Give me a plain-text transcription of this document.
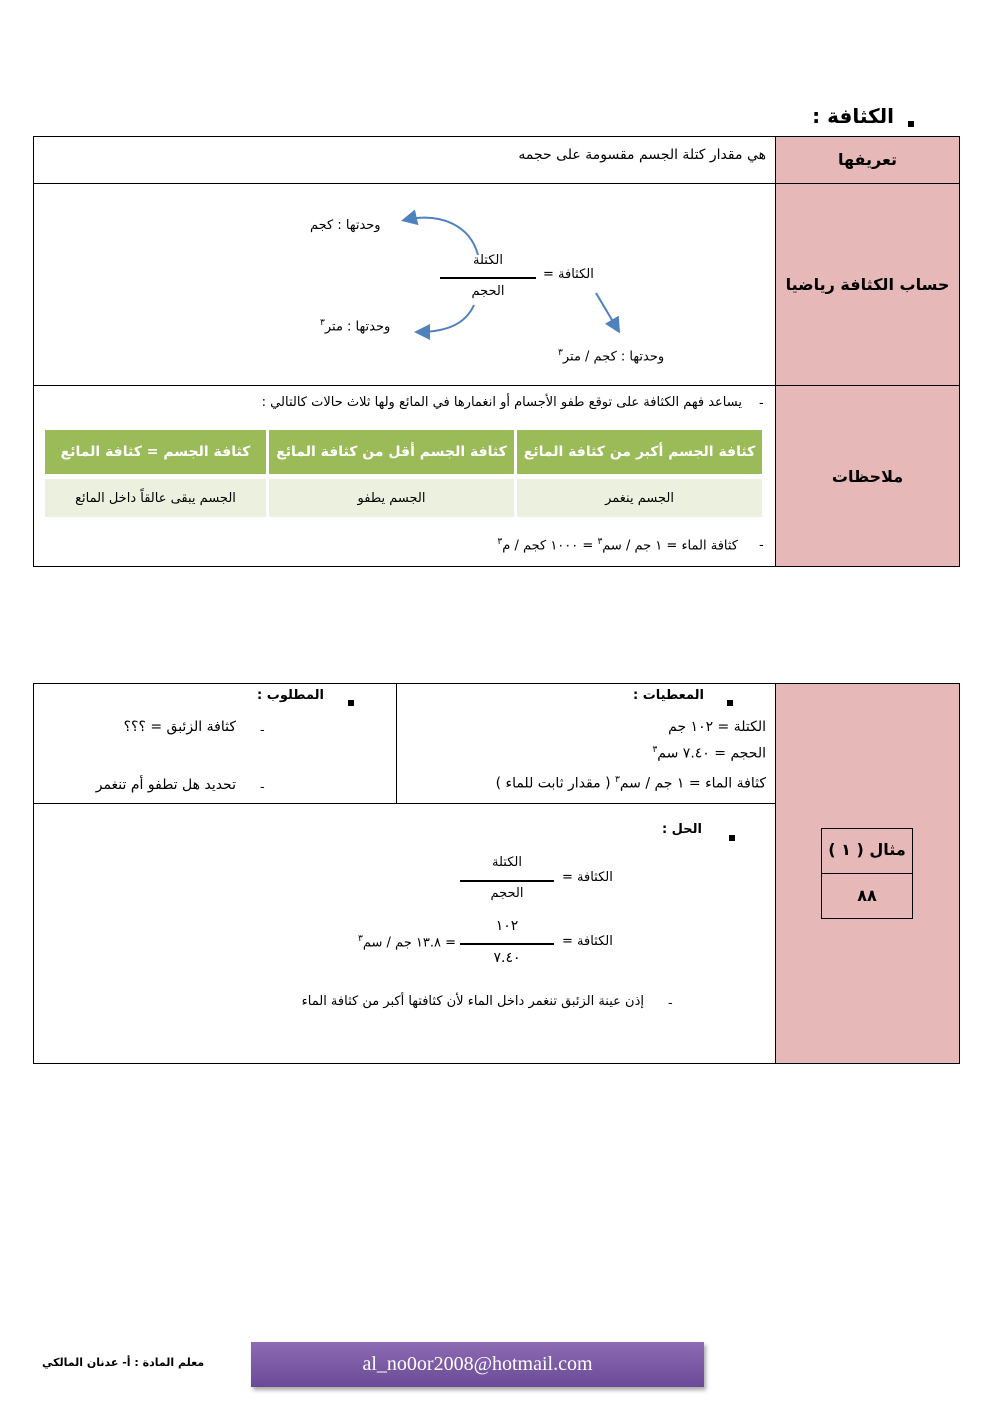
الكثافة :
تعريفها
هي مقدار كتلة الجسم مقسومة على حجمه
حساب الكثافة رياضيا
وحدتها : كجم
الكتلة
الحجم
الكثافة =
وحدتها : متر$^٣$
وحدتها : كجم / متر$^٣$
ملاحظات
-
يساعد فهم الكثافة على توقع طفو الأجسام أو انغمارها في المائع ولها ثلاث حالات كالتالي :
كثافة الجسم أكبر من كثافة المائع
كثافة الجسم أقل من كثافة المائع
كثافة الجسم = كثافة المائع
الجسم ينغمر
الجسم يطفو
الجسم يبقى عالقاً داخل المائع
-
كثافة الماء = ١ جم / سم$^٣$ = ١٠٠٠ كجم / م$^٣$
مثال ( ١ )
٨٨
المعطيات :
الكتلة = ١٠٢ جم
الحجم = ٧.٤٠ سم$^٣$
كثافة الماء = ١ جم / سم$^٣$ ( مقدار ثابت للماء )
المطلوب :
-
كثافة الزئبق = ؟؟؟
-
تحديد هل تطفو أم تنغمر
الحل :
الكتلة
الحجم
الكثافة =
١٠٢
٧.٤٠
الكثافة =
= ١٣.٨ جم / سم$^٣$
-
إذن عينة الزئبق تنغمر داخل الماء لأن كثافتها أكبر من كثافة الماء
معلم المادة : أ- عدنان المالكي	al_no0or2008@hotmail.com
